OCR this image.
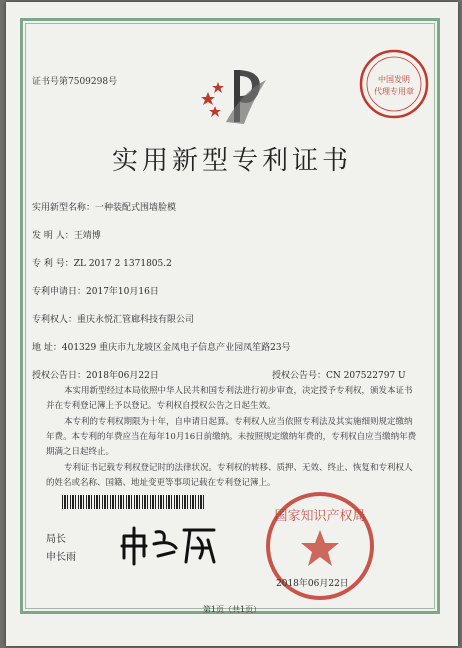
证书号第7509298号	中国发明
代理专用章
实用新型专利证书
实用新型名称：一种装配式围墙脸模
发 明 人：王靖博
专 利 号：ZL 2017 2 1371805.2
专利申请日：2017年10月16日
专利权人：重庆永悦汇管廊科技有限公司
地 址：401329 重庆市九龙坡区金凤电子信息产业园凤笙路23号
授权公告日：2018年06月22日	授权公告号：CN 207522797 U
本实用新型经过本局依照中华人民共和国专利法进行初步审查，决定授予专利权，颁发本证书并在专利登记簿上予以登记。专利权自授权公告之日起生效。
本专利的专利权期限为十年，自申请日起算。专利权人应当依照专利法及其实施细则规定缴纳年费。本专利的年费应当在每年10月16日前缴纳。未按照规定缴纳年费的，专利权自应当缴纳年费期满之日起终止。
专利证书记载专利权登记时的法律状况。专利权的转移、质押、无效、终止、恢复和专利权人的姓名或名称、国籍、地址变更等事项记载在专利登记簿上。
局长
申长雨
国家知识产权局
2018年06月22日
第1页（共1页）
